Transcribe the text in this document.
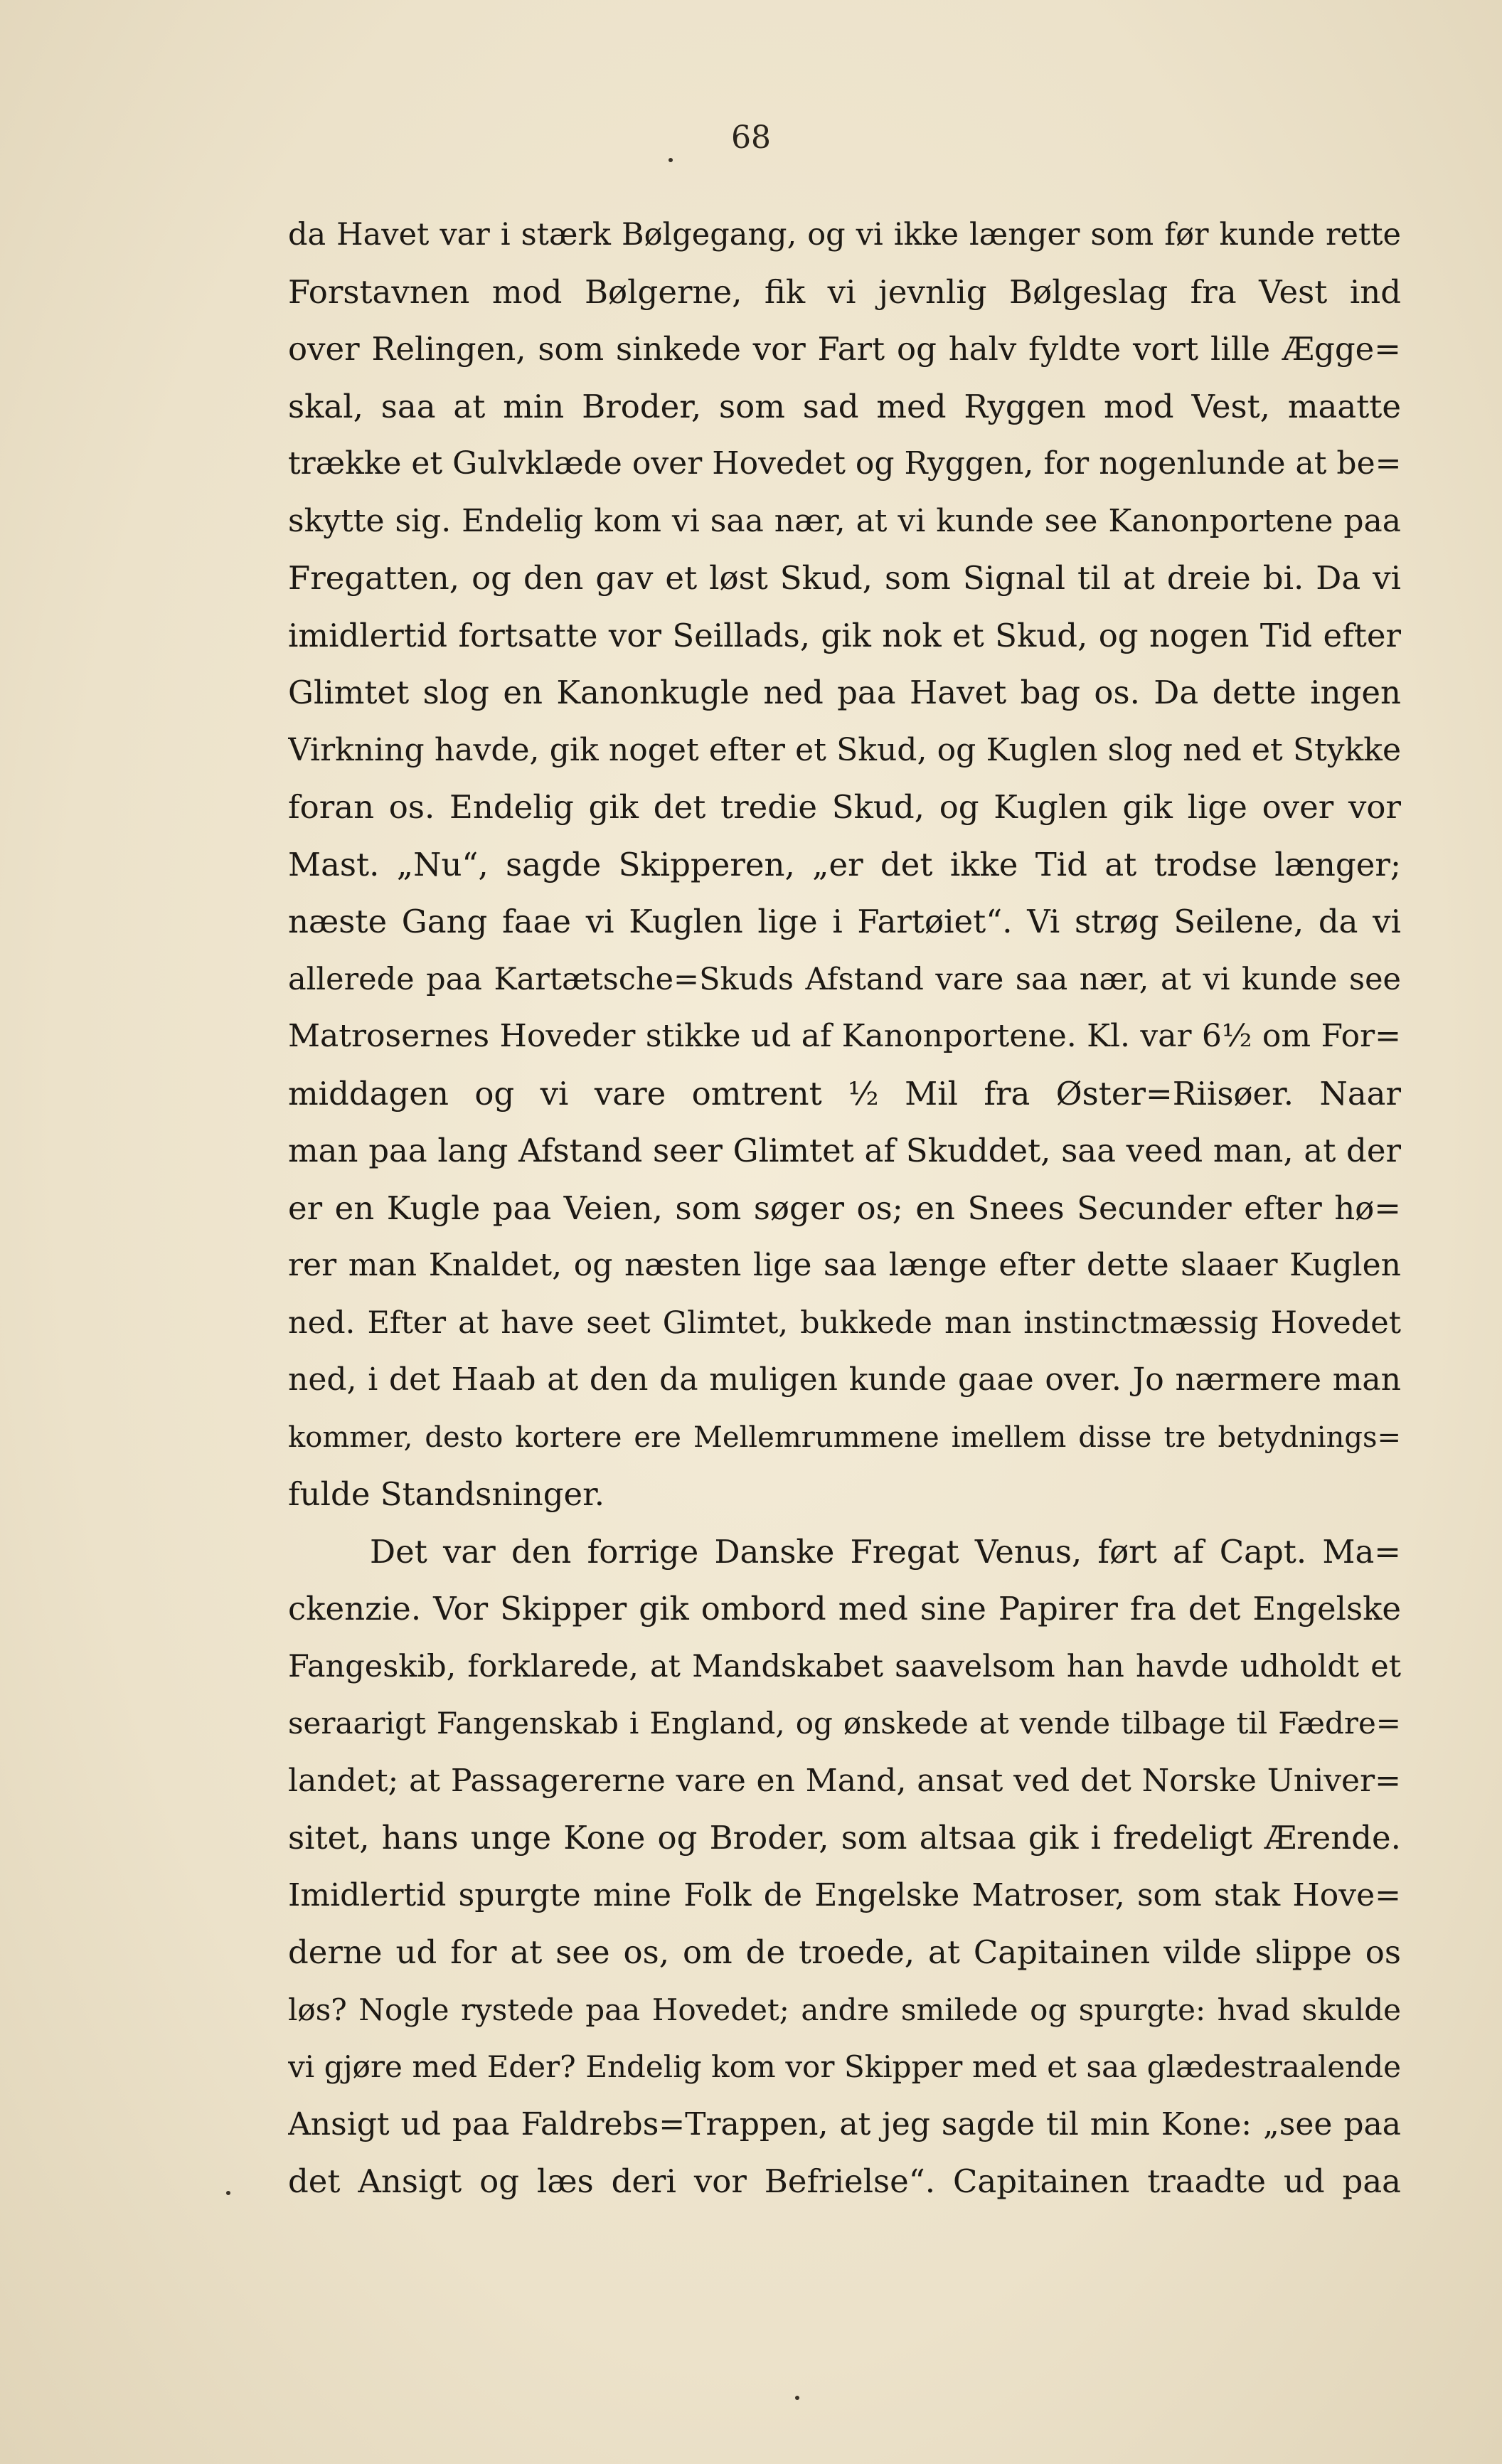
68
da Havet var i stærk Bølgegang, og vi ikke længer som før kunde rette
Forstavnen mod Bølgerne, fik vi jevnlig Bølgeslag fra Vest ind
over Relingen, som sinkede vor Fart og halv fyldte vort lille Ægge=
skal, saa at min Broder, som sad med Ryggen mod Vest, maatte
trække et Gulvklæde over Hovedet og Ryggen, for nogenlunde at be=
skytte sig. Endelig kom vi saa nær, at vi kunde see Kanonportene paa
Fregatten, og den gav et løst Skud, som Signal til at dreie bi. Da vi
imidlertid fortsatte vor Seillads, gik nok et Skud, og nogen Tid efter
Glimtet slog en Kanonkugle ned paa Havet bag os. Da dette ingen
Virkning havde, gik noget efter et Skud, og Kuglen slog ned et Stykke
foran os. Endelig gik det tredie Skud, og Kuglen gik lige over vor
Mast. „Nu“, sagde Skipperen, „er det ikke Tid at trodse længer;
næste Gang faae vi Kuglen lige i Fartøiet“. Vi strøg Seilene, da vi
allerede paa Kartætsche=Skuds Afstand vare saa nær, at vi kunde see
Matrosernes Hoveder stikke ud af Kanonportene. Kl. var 6½ om For=
middagen og vi vare omtrent ½ Mil fra Øster=Riisøer. Naar
man paa lang Afstand seer Glimtet af Skuddet, saa veed man, at der
er en Kugle paa Veien, som søger os; en Snees Secunder efter hø=
rer man Knaldet, og næsten lige saa længe efter dette slaaer Kuglen
ned. Efter at have seet Glimtet, bukkede man instinctmæssig Hovedet
ned, i det Haab at den da muligen kunde gaae over. Jo nærmere man
kommer, desto kortere ere Mellemrummene imellem disse tre betydnings=
fulde Standsninger.
Det var den forrige Danske Fregat Venus, ført af Capt. Ma=
ckenzie. Vor Skipper gik ombord med sine Papirer fra det Engelske
Fangeskib, forklarede, at Mandskabet saavelsom han havde udholdt et
seraarigt Fangenskab i England, og ønskede at vende tilbage til Fædre=
landet; at Passagererne vare en Mand, ansat ved det Norske Univer=
sitet, hans unge Kone og Broder, som altsaa gik i fredeligt Ærende.
Imidlertid spurgte mine Folk de Engelske Matroser, som stak Hove=
derne ud for at see os, om de troede, at Capitainen vilde slippe os
løs? Nogle rystede paa Hovedet; andre smilede og spurgte: hvad skulde
vi gjøre med Eder? Endelig kom vor Skipper med et saa glædestraalende
Ansigt ud paa Faldrebs=Trappen, at jeg sagde til min Kone: „see paa
det Ansigt og læs deri vor Befrielse“. Capitainen traadte ud paa
